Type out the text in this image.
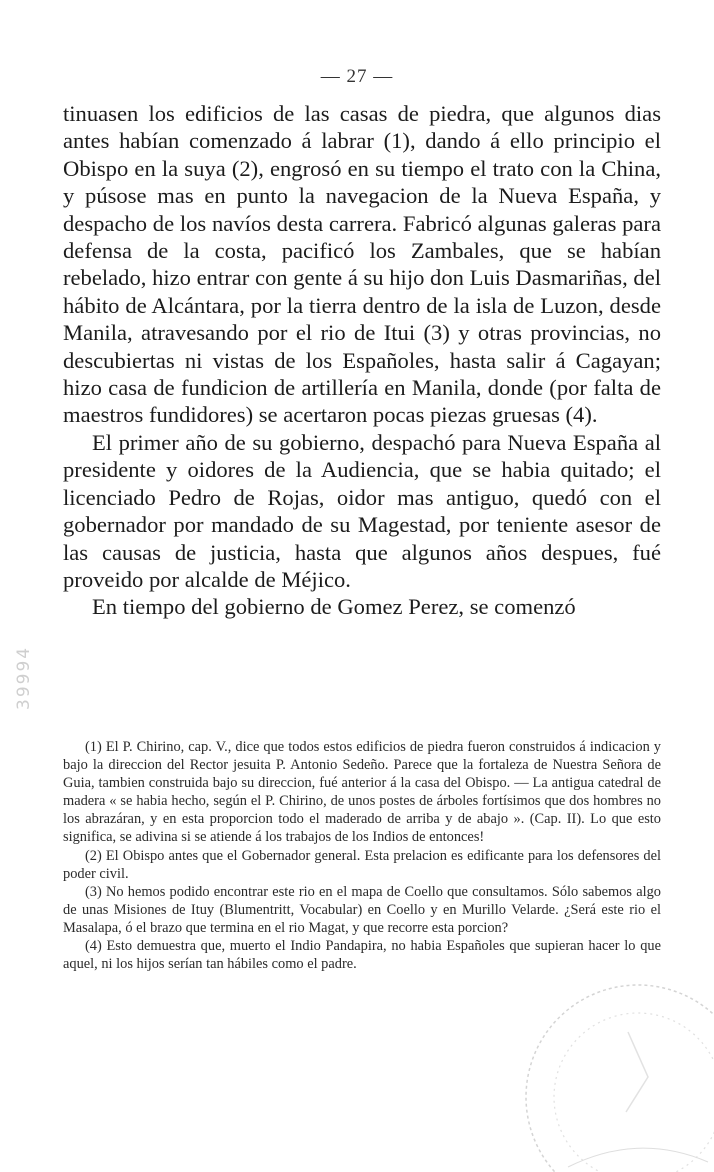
— 27 —

tinuasen los edificios de las casas de piedra, que algunos dias antes habían comenzado á labrar (1), dando á ello principio el Obispo en la suya (2), engrosó en su tiempo el trato con la China, y púsose mas en punto la navegacion de la Nueva España, y despacho de los navíos desta carrera. Fabricó algunas galeras para defensa de la costa, pacificó los Zambales, que se habían rebelado, hizo entrar con gente á su hijo don Luis Dasmariñas, del hábito de Alcántara, por la tierra dentro de la isla de Luzon, desde Manila, atravesando por el rio de Itui (3) y otras provincias, no descubiertas ni vistas de los Españoles, hasta salir á Cagayan; hizo casa de fundicion de artillería en Manila, donde (por falta de maestros fundidores) se acertaron pocas piezas gruesas (4).

El primer año de su gobierno, despachó para Nueva España al presidente y oidores de la Audiencia, que se habia quitado; el licenciado Pedro de Rojas, oidor mas antiguo, quedó con el gobernador por mandado de su Magestad, por teniente asesor de las causas de justicia, hasta que algunos años despues, fué proveido por alcalde de Méjico.

En tiempo del gobierno de Gomez Perez, se comenzó

(1) El P. Chirino, cap. V., dice que todos estos edificios de piedra fueron construidos á indicacion y bajo la direccion del Rector jesuita P. Antonio Sedeño. Parece que la fortaleza de Nuestra Señora de Guia, tambien construida bajo su direccion, fué anterior á la casa del Obispo. — La antigua catedral de madera « se habia hecho, según el P. Chirino, de unos postes de árboles fortísimos que dos hombres no los abrazáran, y en esta proporcion todo el maderado de arriba y de abajo ». (Cap. II). Lo que esto significa, se adivina si se atiende á los trabajos de los Indios de entonces!

(2) El Obispo antes que el Gobernador general. Esta prelacion es edificante para los defensores del poder civil.

(3) No hemos podido encontrar este rio en el mapa de Coello que consultamos. Sólo sabemos algo de unas Misiones de Ituy (Blumentritt, Vocabular) en Coello y en Murillo Velarde. ¿Será este rio el Masalapa, ó el brazo que termina en el rio Magat, y que recorre esta porcion?

(4) Esto demuestra que, muerto el Indio Pandapira, no habia Españoles que supieran hacer lo que aquel, ni los hijos serían tan hábiles como el padre.

39994
